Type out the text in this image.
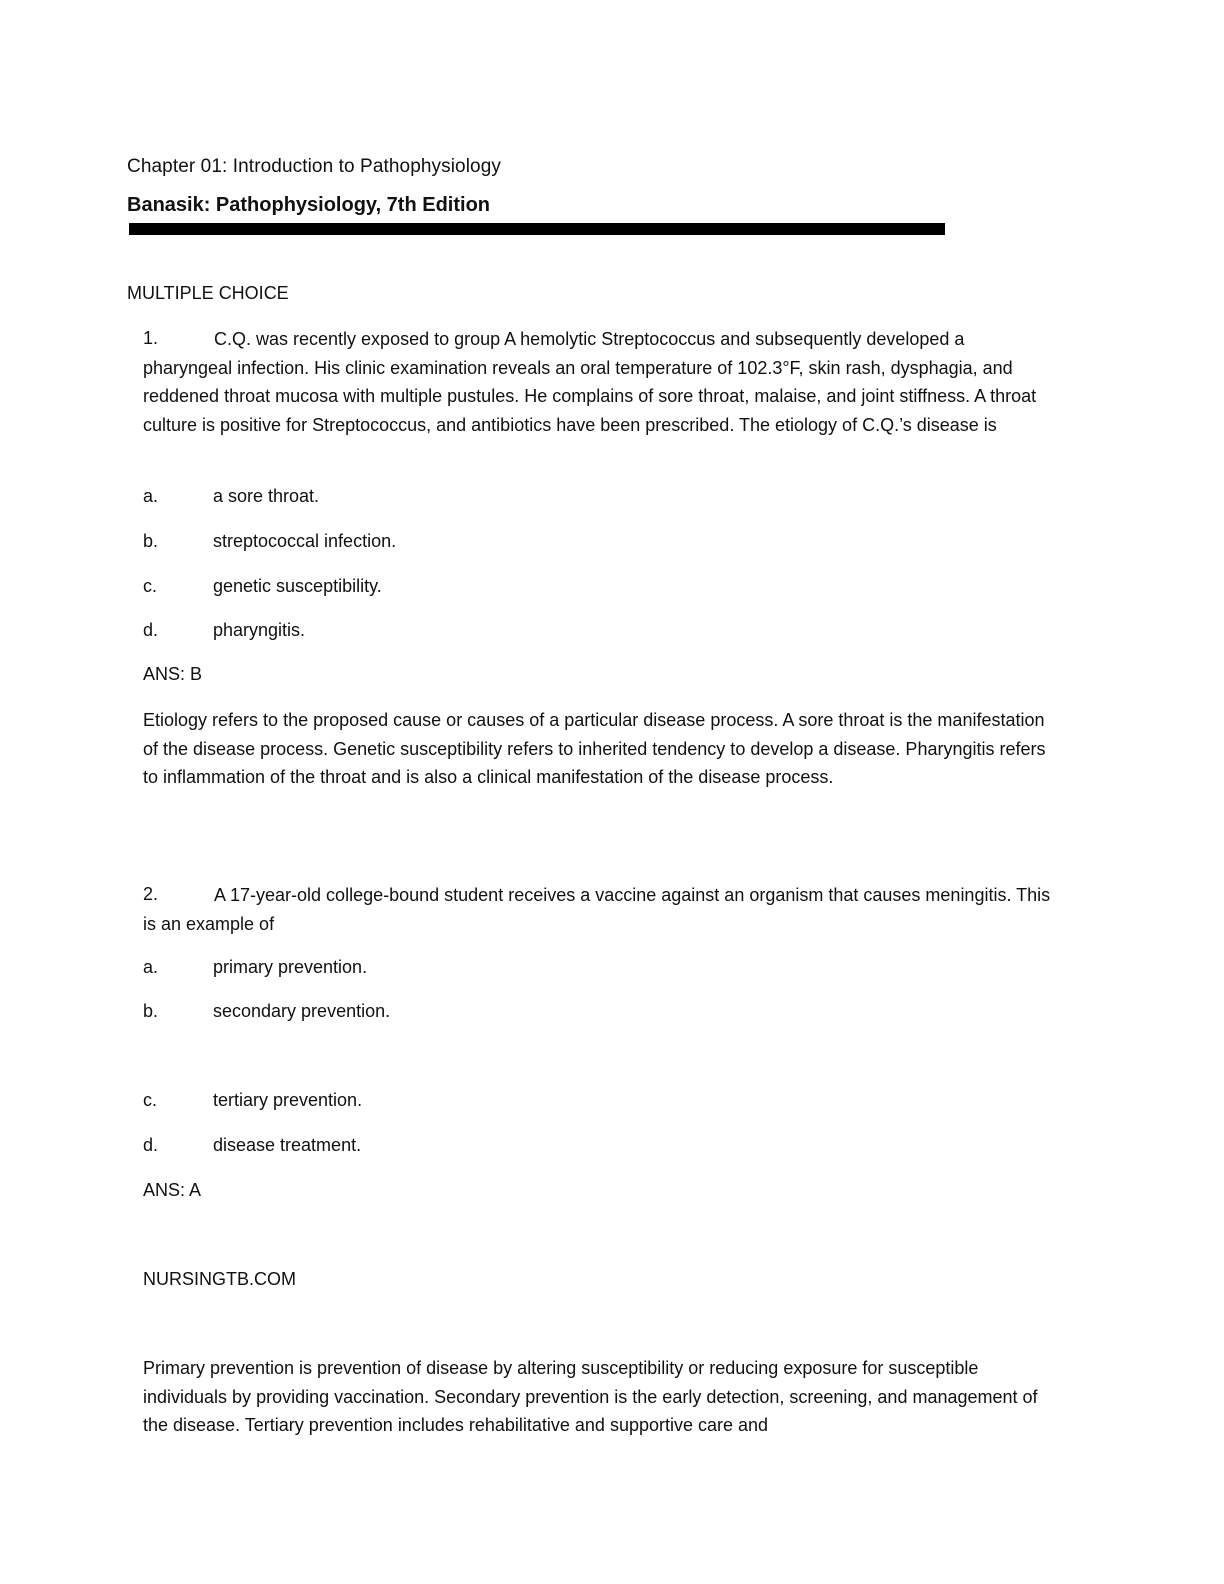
Chapter 01: Introduction to Pathophysiology
Banasik: Pathophysiology, 7th Edition
MULTIPLE CHOICE
1.	C.Q. was recently exposed to group A hemolytic Streptococcus and subsequently developed a pharyngeal infection. His clinic examination reveals an oral temperature of 102.3°F, skin rash, dysphagia, and reddened throat mucosa with multiple pustules. He complains of sore throat, malaise, and joint stiffness. A throat culture is positive for Streptococcus, and antibiotics have been prescribed. The etiology of C.Q.’s disease is
a.	a sore throat.
b.	streptococcal infection.
c.	genetic susceptibility.
d.	pharyngitis.
ANS: B
Etiology refers to the proposed cause or causes of a particular disease process. A sore throat is the manifestation of the disease process. Genetic susceptibility refers to inherited tendency to develop a disease. Pharyngitis refers to inflammation of the throat and is also a clinical manifestation of the disease process.
2.	A 17-year-old college-bound student receives a vaccine against an organism that causes meningitis. This is an example of
a.	primary prevention.
b.	secondary prevention.
c.	tertiary prevention.
d.	disease treatment.
ANS: A
NURSINGTB.COM
Primary prevention is prevention of disease by altering susceptibility or reducing exposure for susceptible individuals by providing vaccination. Secondary prevention is the early detection, screening, and management of the disease. Tertiary prevention includes rehabilitative and supportive care and
